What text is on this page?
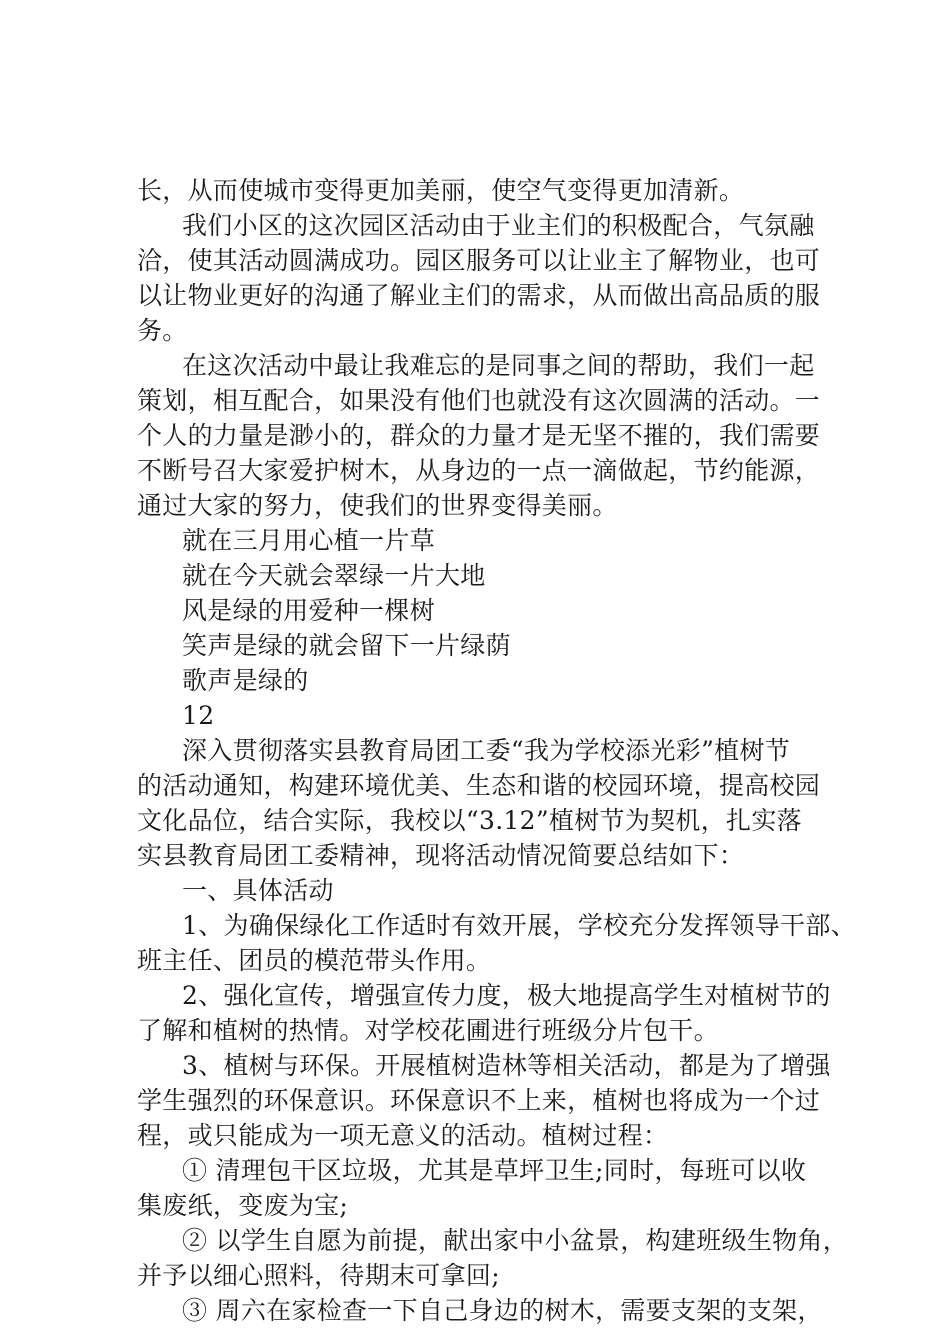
长，从而使城市变得更加美丽，使空气变得更加清新。
我们小区的这次园区活动由于业主们的积极配合，气氛融
洽，使其活动圆满成功。园区服务可以让业主了解物业，也可
以让物业更好的沟通了解业主们的需求，从而做出高品质的服
务。
在这次活动中最让我难忘的是同事之间的帮助，我们一起
策划，相互配合，如果没有他们也就没有这次圆满的活动。一
个人的力量是渺小的，群众的力量才是无坚不摧的，我们需要
不断号召大家爱护树木，从身边的一点一滴做起，节约能源，
通过大家的努力，使我们的世界变得美丽。
就在三月用心植一片草
就在今天就会翠绿一片大地
风是绿的用爱种一棵树
笑声是绿的就会留下一片绿荫
歌声是绿的
12
深入贯彻落实县教育局团工委“我为学校添光彩”植树节
的活动通知，构建环境优美、生态和谐的校园环境，提高校园
文化品位，结合实际，我校以“3.12”植树节为契机，扎实落
实县教育局团工委精神，现将活动情况简要总结如下：
一、具体活动
1、为确保绿化工作适时有效开展，学校充分发挥领导干部、
班主任、团员的模范带头作用。
2、强化宣传，增强宣传力度，极大地提高学生对植树节的
了解和植树的热情。对学校花圃进行班级分片包干。
3、植树与环保。开展植树造林等相关活动，都是为了增强
学生强烈的环保意识。环保意识不上来，植树也将成为一个过
程，或只能成为一项无意义的活动。植树过程：
① 清理包干区垃圾，尤其是草坪卫生;同时，每班可以收
集废纸，变废为宝;
② 以学生自愿为前提，献出家中小盆景，构建班级生物角，
并予以细心照料，待期末可拿回;
③ 周六在家检查一下自己身边的树木，需要支架的支架，
